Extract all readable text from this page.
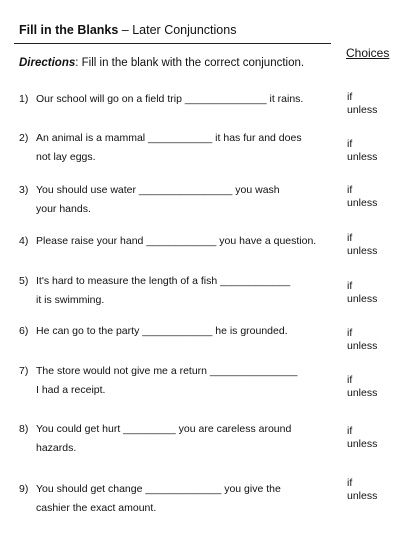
Fill in the Blanks – Later Conjunctions
Choices
Directions: Fill in the blank with the correct conjunction.
1) Our school will go on a field trip ______________ it rains.	if
unless
2) An animal is a mammal ___________ it has fur and does
not lay eggs.
if
unless
3) You should use water ________________ you wash
your hands.
if
unless
4) Please raise your hand ____________ you have a question.	if
unless
5) It's hard to measure the length of a fish ____________
it is swimming.
if
unless
6) He can go to the party ____________ he is grounded.	if
unless
7) The store would not give me a return _______________
I had a receipt.
if
unless
8) You could get hurt _________ you are careless around
hazards.
if
unless
9) You should get change _____________ you give the
cashier the exact amount.
if
unless
